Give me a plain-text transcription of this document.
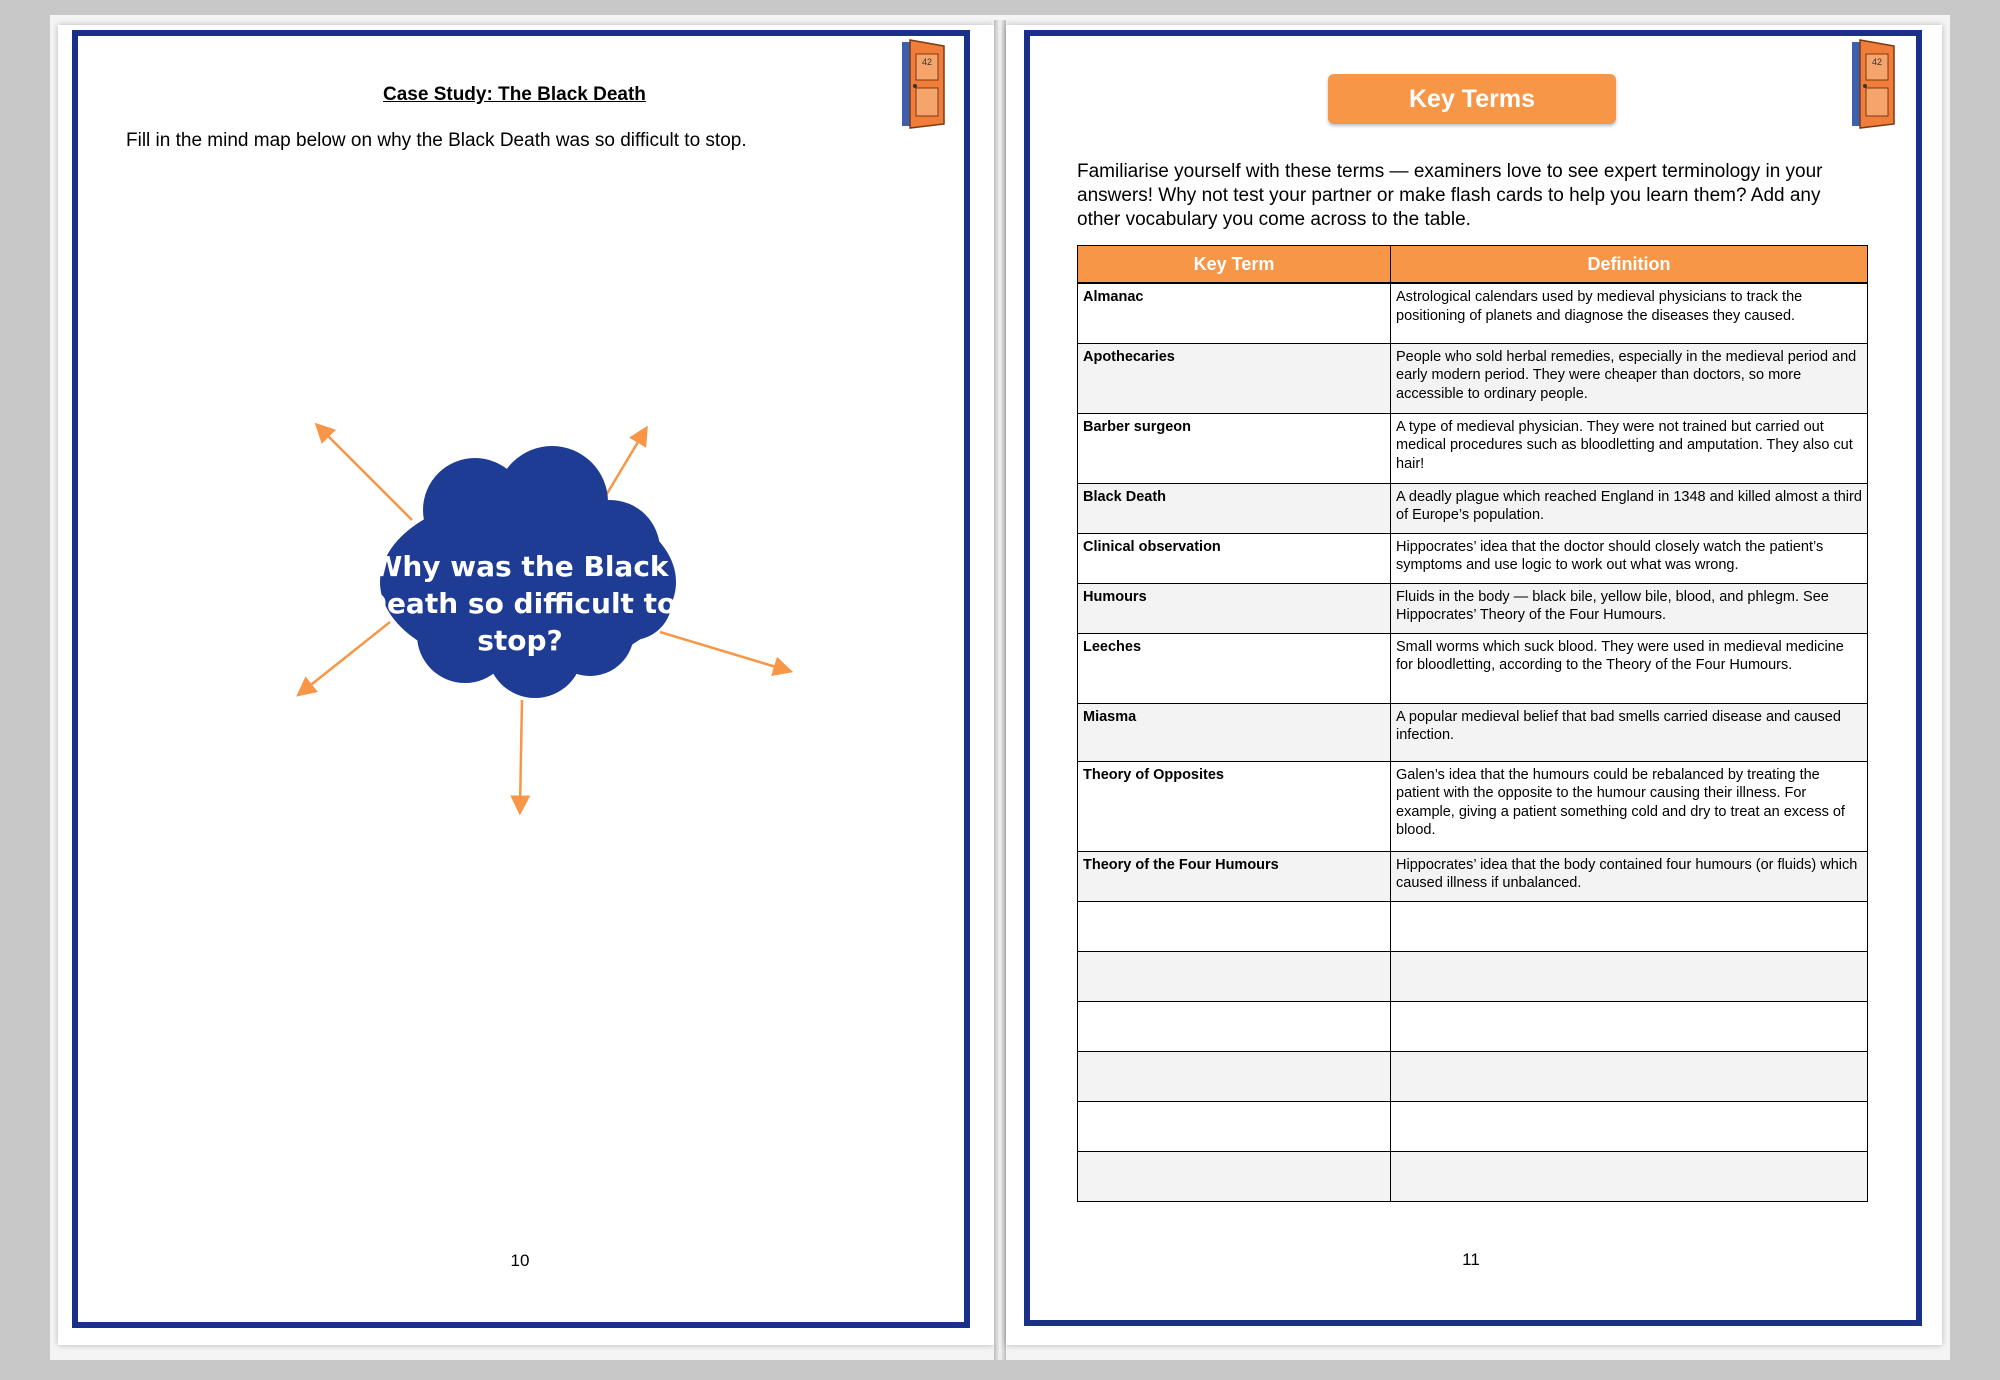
42
Case Study: The Black Death
Fill in the mind map below on why the Black Death was so difficult to stop.
Why was the Black
Death so difficult to
stop?
10
42
Key Terms
Familiarise yourself with these terms — examiners love to see expert terminology in your answers! Why not test your partner or make flash cards to help you learn them? Add any other vocabulary you come across to the table.
Key Term	Definition
Almanac	Astrological calendars used by medieval physicians to track the positioning of planets and diagnose the diseases they caused.
Apothecaries	People who sold herbal remedies, especially in the medieval period and early modern period. They were cheaper than doctors, so more accessible to ordinary people.
Barber surgeon	A type of medieval physician. They were not trained but carried out medical procedures such as bloodletting and amputation. They also cut hair!
Black Death	A deadly plague which reached England in 1348 and killed almost a third of Europe’s population.
Clinical observation	Hippocrates’ idea that the doctor should closely watch the patient’s symptoms and use logic to work out what was wrong.
Humours	Fluids in the body — black bile, yellow bile, blood, and phlegm. See Hippocrates’ Theory of the Four Humours.
Leeches	Small worms which suck blood. They were used in medieval medicine for bloodletting, according to the Theory of the Four Humours.
Miasma	A popular medieval belief that bad smells carried disease and caused infection.
Theory of Opposites	Galen’s idea that the humours could be rebalanced by treating the patient with the opposite to the humour causing their illness. For example, giving a patient something cold and dry to treat an excess of blood.
Theory of the Four Humours	Hippocrates’ idea that the body contained four humours (or fluids) which caused illness if unbalanced.

11
